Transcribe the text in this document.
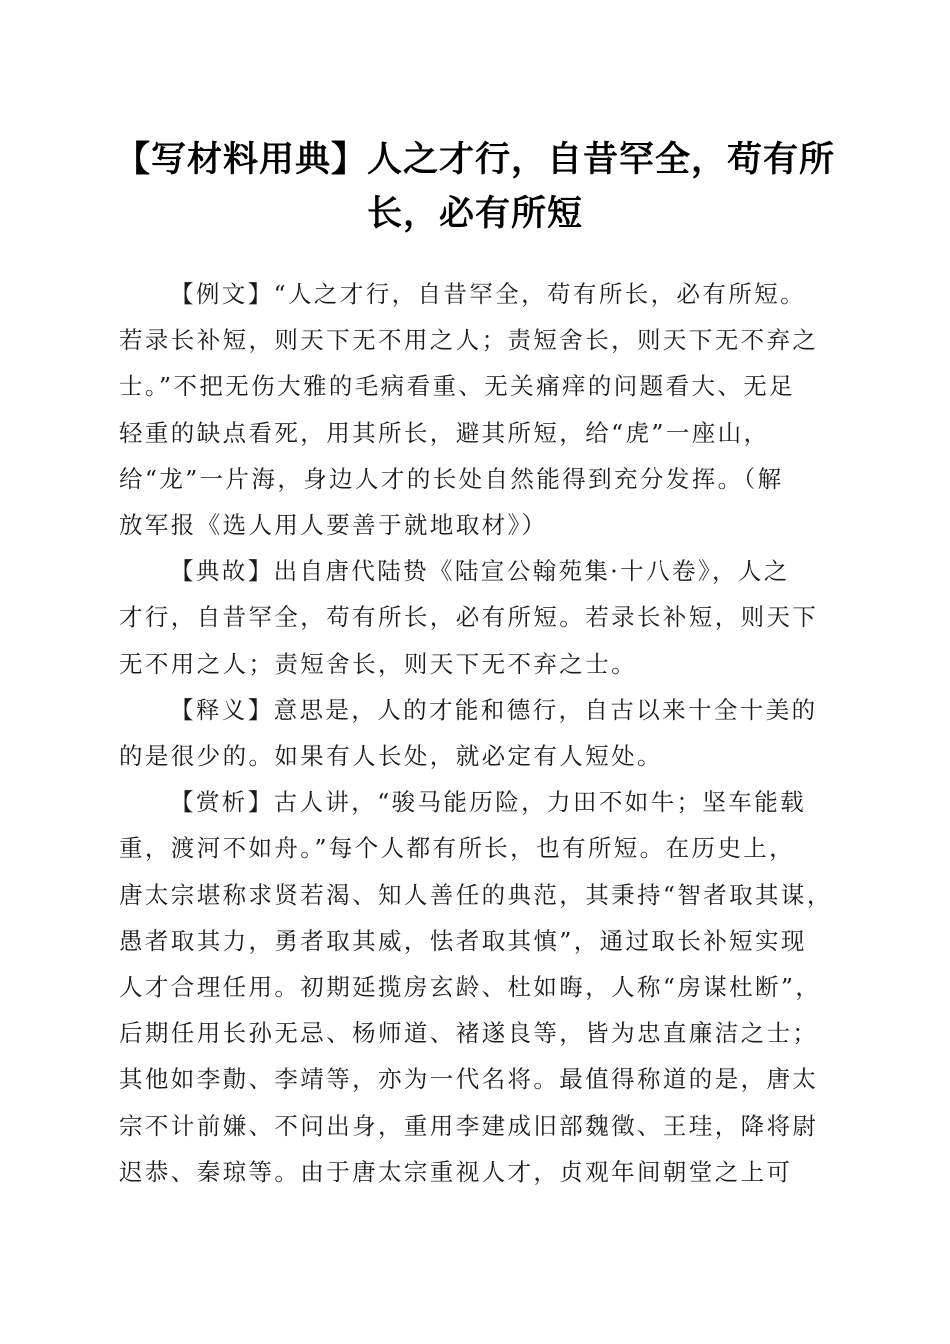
【写材料用典】人之才行，自昔罕全，苟有所
长，必有所短
【例文】“人之才行，自昔罕全，苟有所长，必有所短。
若录长补短，则天下无不用之人；责短舍长，则天下无不弃之
士。”不把无伤大雅的毛病看重、无关痛痒的问题看大、无足
轻重的缺点看死，用其所长，避其所短，给“虎”一座山，
给“龙”一片海，身边人才的长处自然能得到充分发挥。（解
放军报《选人用人要善于就地取材》）
【典故】出自唐代陆贽《陆宣公翰苑集·十八卷》，人之
才行，自昔罕全，苟有所长，必有所短。若录长补短，则天下
无不用之人；责短舍长，则天下无不弃之士。
【释义】意思是，人的才能和德行，自古以来十全十美的
的是很少的。如果有人长处，就必定有人短处。
【赏析】古人讲，“骏马能历险，力田不如牛；坚车能载
重，渡河不如舟。”每个人都有所长，也有所短。在历史上，
唐太宗堪称求贤若渴、知人善任的典范，其秉持“智者取其谋，
愚者取其力，勇者取其威，怯者取其慎”，通过取长补短实现
人才合理任用。初期延揽房玄龄、杜如晦，人称“房谋杜断”，
后期任用长孙无忌、杨师道、褚遂良等，皆为忠直廉洁之士；
其他如李勣、李靖等，亦为一代名将。最值得称道的是，唐太
宗不计前嫌、不问出身，重用李建成旧部魏徵、王珪，降将尉
迟恭、秦琼等。由于唐太宗重视人才，贞观年间朝堂之上可
